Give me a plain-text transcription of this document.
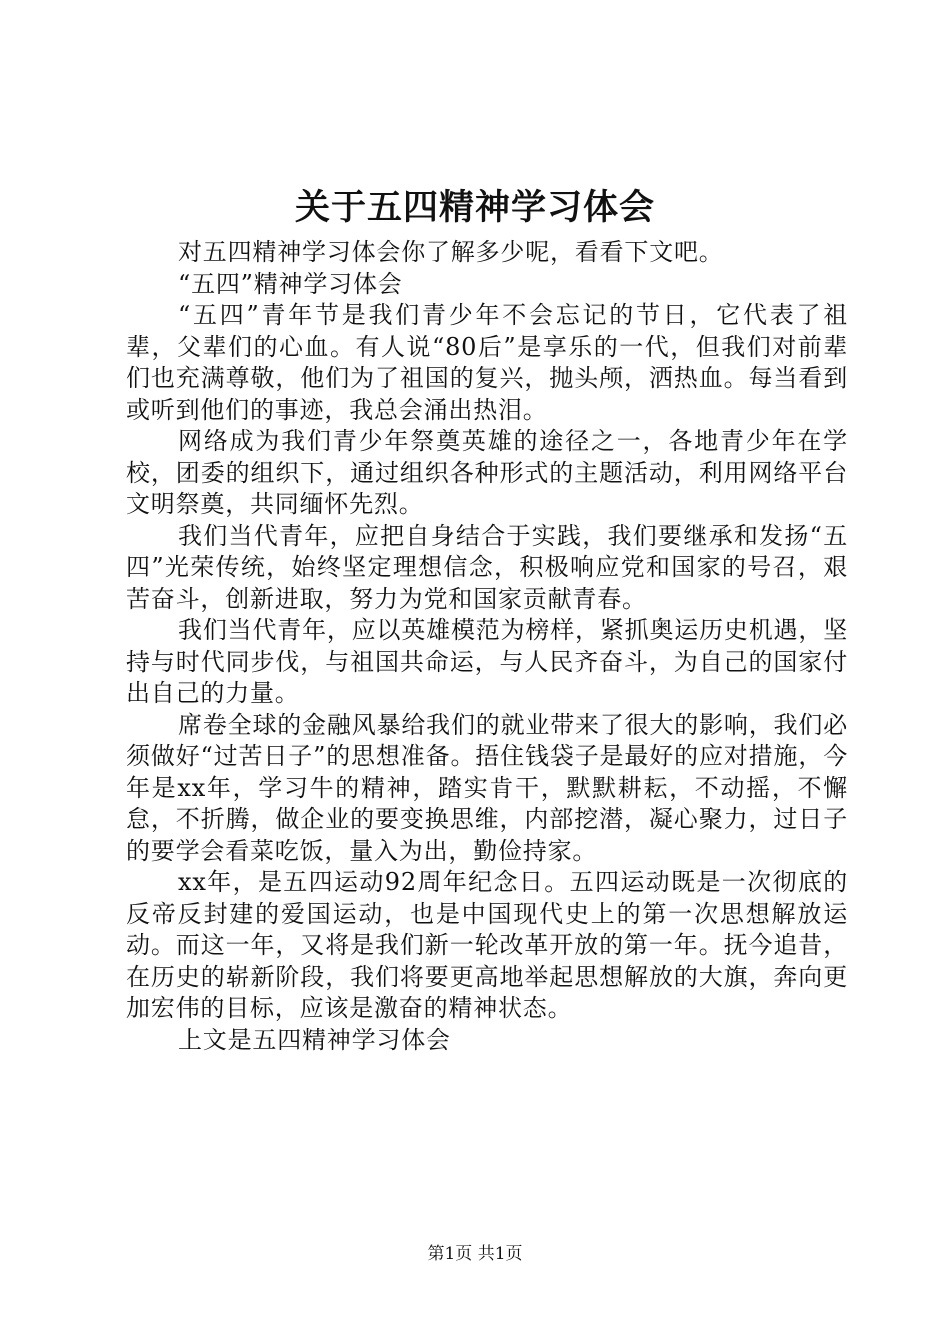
关于五四精神学习体会

对五四精神学习体会你了解多少呢，看看下文吧。

“五四”精神学习体会

“五四”青年节是我们青少年不会忘记的节日，它代表了祖辈，父辈们的心血。有人说“80后”是享乐的一代，但我们对前辈们也充满尊敬，他们为了祖国的复兴，抛头颅，洒热血。每当看到或听到他们的事迹，我总会涌出热泪。

网络成为我们青少年祭奠英雄的途径之一，各地青少年在学校，团委的组织下，通过组织各种形式的主题活动，利用网络平台文明祭奠，共同缅怀先烈。

我们当代青年，应把自身结合于实践，我们要继承和发扬“五四”光荣传统，始终坚定理想信念，积极响应党和国家的号召，艰苦奋斗，创新进取，努力为党和国家贡献青春。

我们当代青年，应以英雄模范为榜样，紧抓奥运历史机遇，坚持与时代同步伐，与祖国共命运，与人民齐奋斗，为自己的国家付出自己的力量。

席卷全球的金融风暴给我们的就业带来了很大的影响，我们必须做好“过苦日子”的思想准备。捂住钱袋子是最好的应对措施，今年是xx年，学习牛的精神，踏实肯干，默默耕耘，不动摇，不懈怠，不折腾，做企业的要变换思维，内部挖潜，凝心聚力，过日子的要学会看菜吃饭，量入为出，勤俭持家。

xx年，是五四运动92周年纪念日。五四运动既是一次彻底的反帝反封建的爱国运动，也是中国现代史上的第一次思想解放运动。而这一年，又将是我们新一轮改革开放的第一年。抚今追昔，在历史的崭新阶段，我们将要更高地举起思想解放的大旗，奔向更加宏伟的目标，应该是激奋的精神状态。

上文是五四精神学习体会

第1页 共1页
